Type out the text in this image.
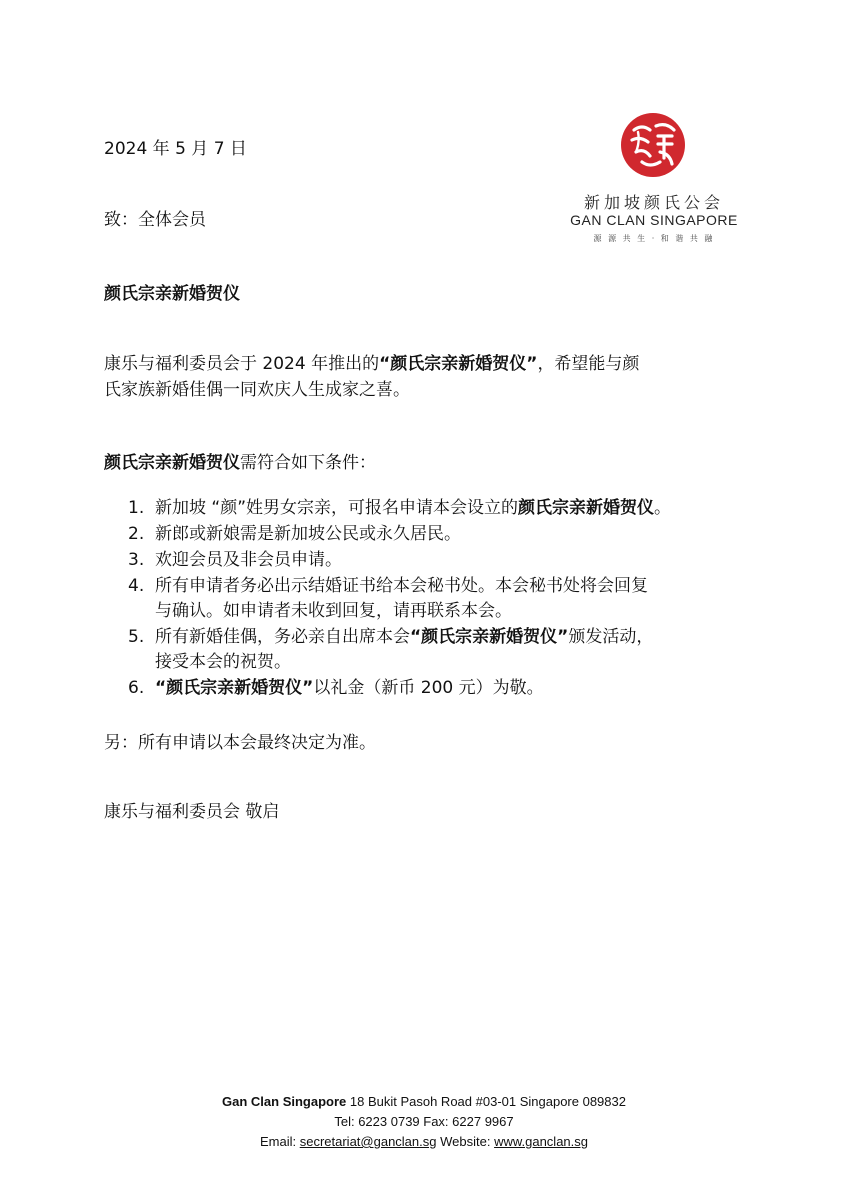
新加坡颜氏公会
GAN CLAN SINGAPORE
源 源 共 生 · 和 谐 共 融

2024 年 5 月 7 日

致：全体会员

颜氏宗亲新婚贺仪

康乐与福利委员会于 2024 年推出的“颜氏宗亲新婚贺仪”，希望能与颜

氏家族新婚佳偶一同欢庆人生成家之喜。

颜氏宗亲新婚贺仪需符合如下条件：

1. 新加坡 “颜”姓男女宗亲，可报名申请本会设立的颜氏宗亲新婚贺仪。
2. 新郎或新娘需是新加坡公民或永久居民。
3. 欢迎会员及非会员申请。
4. 所有申请者务必出示结婚证书给本会秘书处。本会秘书处将会回复
与确认。如申请者未收到回复，请再联系本会。
5. 所有新婚佳偶，务必亲自出席本会“颜氏宗亲新婚贺仪”颁发活动，
接受本会的祝贺。
6. “颜氏宗亲新婚贺仪”以礼金（新币 200 元）为敬。

另：所有申请以本会最终决定为准。

康乐与福利委员会 敬启

Gan Clan Singapore 18 Bukit Pasoh Road #03-01 Singapore 089832
Tel: 6223 0739 Fax: 6227 9967
Email: secretariat@ganclan.sg Website: www.ganclan.sg
